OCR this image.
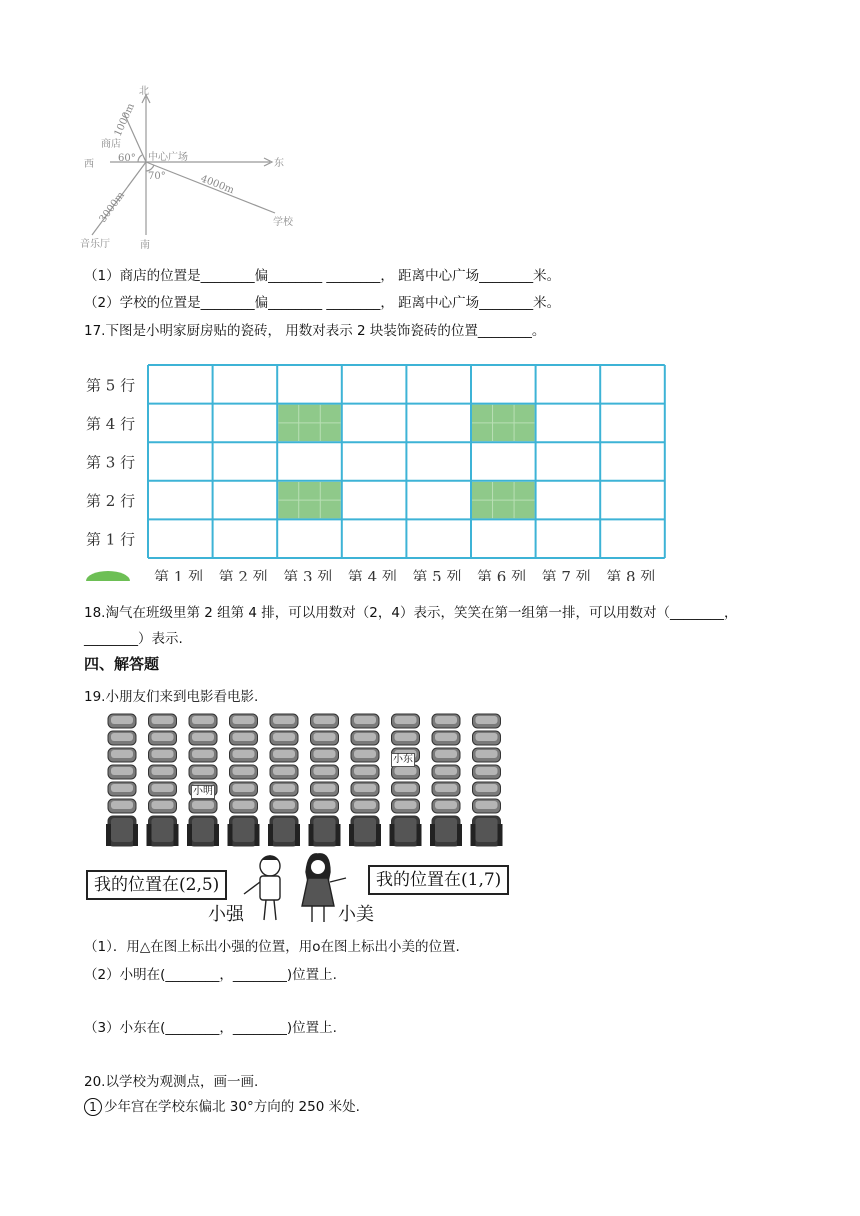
北
东
西
南
中心广场
商店
学校
音乐厅
60°
70°
1000m
4000m
3000m
（1）商店的位置是________偏________ ________， 距离中心广场________米。
（2）学校的位置是________偏________ ________， 距离中心广场________米。
17.下图是小明家厨房贴的瓷砖， 用数对表示 2 块装饰瓷砖的位置________。
第 5 行
第 4 行
第 3 行
第 2 行
第 1 行
第 1 列 第 2 列 第 3 列 第 4 列 第 5 列 第 6 列 第 7 列 第 8 列
18.淘气在班级里第 2 组第 4 排，可以用数对（2，4）表示，笑笑在第一组第一排，可以用数对（________，
________）表示.
四、解答题
19.小朋友们来到电影看电影.
小东
小明
我的位置在(2,5)	我的位置在(1,7)
小强	小美
（1）．用△在图上标出小强的位置，用o在图上标出小美的位置.
（2）小明在(________，________)位置上.
（3）小东在(________，________)位置上.
20.以学校为观测点，画一画.
1 少年宫在学校东偏北 30°方向的 250 米处.
